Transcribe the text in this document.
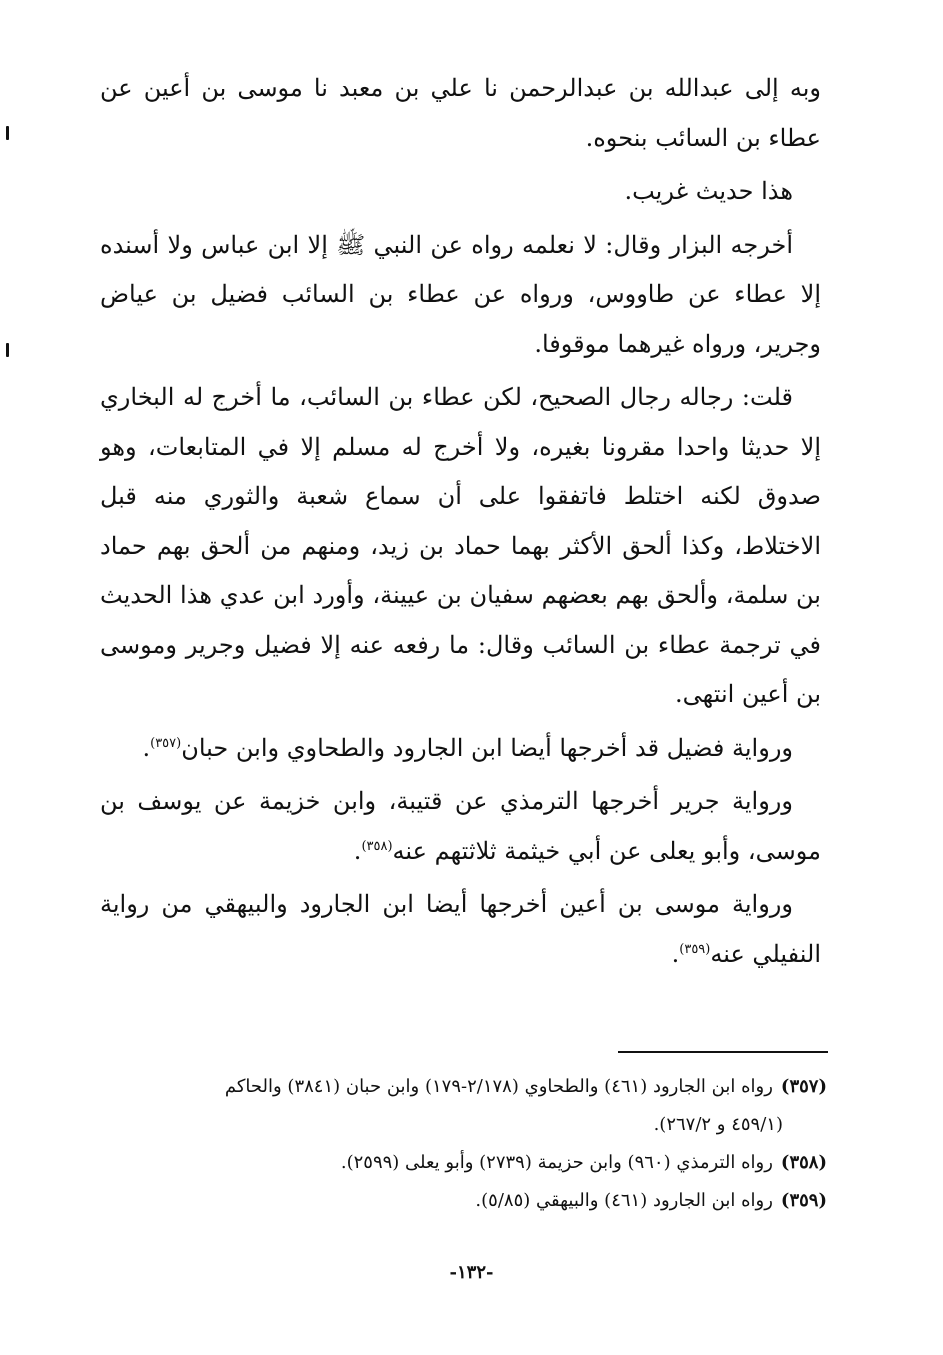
وبه إلى عبدالله بن عبدالرحمن نا علي بن معبد نا موسى بن أعين عن عطاء بن السائب بنحوه.

هذا حديث غريب.

أخرجه البزار وقال: لا نعلمه رواه عن النبي ﷺ إلا ابن عباس ولا أسنده إلا عطاء عن طاووس، ورواه عن عطاء بن السائب فضيل بن عياض وجرير، ورواه غيرهما موقوفا.

قلت: رجاله رجال الصحيح، لكن عطاء بن السائب، ما أخرج له البخاري إلا حديثا واحدا مقرونا بغيره، ولا أخرج له مسلم إلا في المتابعات، وهو صدوق لكنه اختلط فاتفقوا على أن سماع شعبة والثوري منه قبل الاختلاط، وكذا ألحق الأكثر بهما حماد بن زيد، ومنهم من ألحق بهم حماد بن سلمة، وألحق بهم بعضهم سفيان بن عيينة، وأورد ابن عدي هذا الحديث في ترجمة عطاء بن السائب وقال: ما رفعه عنه إلا فضيل وجرير وموسى بن أعين انتهى.

ورواية فضيل قد أخرجها أيضا ابن الجارود والطحاوي وابن حبان$^{(٣٥٧)}$.

ورواية جرير أخرجها الترمذي عن قتيبة، وابن خزيمة عن يوسف بن موسى، وأبو يعلى عن أبي خيثمة ثلاثتهم عنه$^{(٣٥٨)}$.

ورواية موسى بن أعين أخرجها أيضا ابن الجارود والبيهقي من رواية النفيلي عنه$^{(٣٥٩)}$.

(٣٥٧)رواه ابن الجارود (٤٦١) والطحاوي (٢/١٧٨-١٧٩) وابن حبان (٣٨٤١) والحاكم

(٤٥٩/١ و ٢٦٧/٢).

(٣٥٨)رواه الترمذي (٩٦٠) وابن حزيمة (٢٧٣٩) وأبو يعلى (٢٥٩٩).

(٣٥٩)رواه ابن الجارود (٤٦١) والبيهقي (٥/٨٥).

-١٣٢-
